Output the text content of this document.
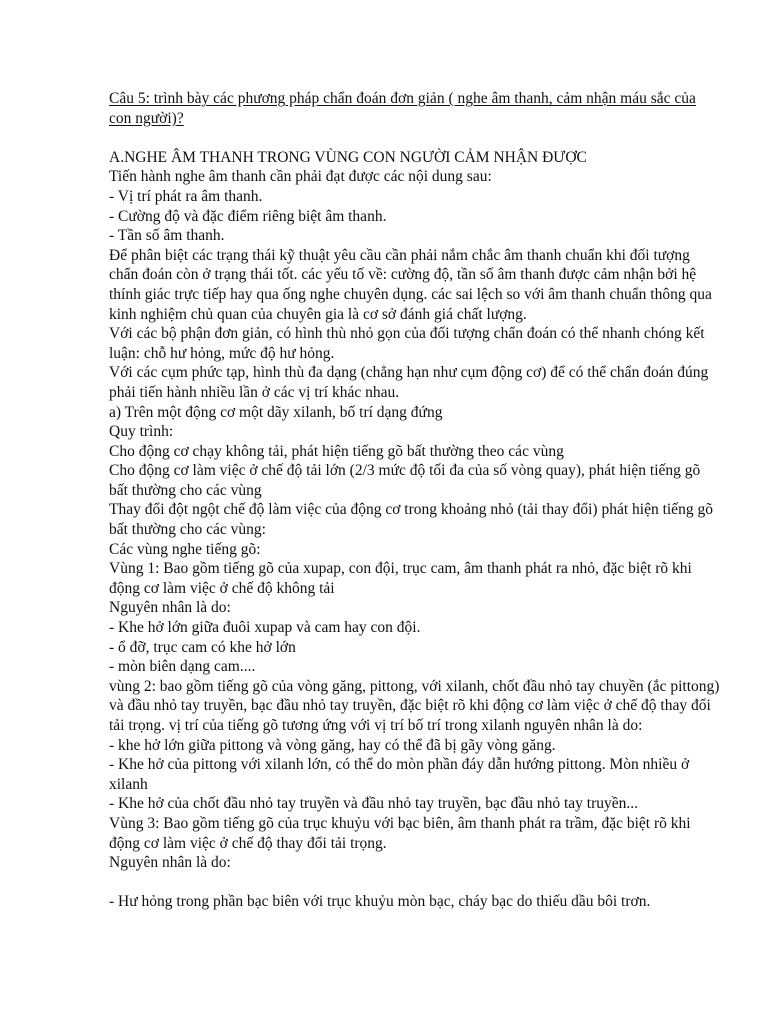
Câu 5: trình bày các phương pháp chẩn đoán đơn giản ( nghe âm thanh, cảm nhận máu sắc của con người)?

A.NGHE ÂM THANH TRONG VÙNG CON NGƯỜI CẢM NHẬN ĐƯỢC

Tiến hành nghe âm thanh cần phải đạt được các nội dung sau:

- Vị trí phát ra âm thanh.

- Cường độ và đặc điểm riêng biệt âm thanh.

- Tần số âm thanh.

Để phân biệt các trạng thái kỹ thuật yêu cầu cần phải nắm chắc âm thanh chuẩn khi đối tượng chẩn đoán còn ở trạng thái tốt. các yếu tố về: cường độ, tần số âm thanh được cảm nhận bởi hệ thính giác trực tiếp hay qua ống nghe chuyên dụng. các sai lệch so với âm thanh chuẩn thông qua kinh nghiệm chủ quan của chuyên gia là cơ sở đánh giá chất lượng.

Với các bộ phận đơn giản, có hình thù nhỏ gọn của đối tượng chẩn đoán có thể nhanh chóng kết luận: chỗ hư hỏng, mức độ hư hỏng.

Với các cụm phức tạp, hình thù đa dạng (chẳng hạn như cụm động cơ) để có thể chẩn đoán đúng phải tiến hành nhiều lần ở các vị trí khác nhau.

a) Trên một động cơ một dãy xilanh, bố trí dạng đứng

Quy trình:

Cho động cơ chạy không tải, phát hiện tiếng gõ bất thường theo các vùng

Cho động cơ làm việc ở chế độ tải lớn (2/3 mức độ tối đa của số vòng quay), phát hiện tiếng gõ bất thường cho các vùng

Thay đổi đột ngột chế độ làm việc của động cơ trong khoảng nhỏ (tải thay đổi) phát hiện tiếng gõ bất thường cho các vùng:

Các vùng nghe tiếng gõ:

Vùng 1: Bao gồm tiếng gõ của xupap, con đội, trục cam, âm thanh phát ra nhỏ, đặc biệt rõ khi động cơ làm việc ở chế độ không tải

Nguyên nhân là do:

- Khe hở lớn giữa đuôi xupap và cam hay con đội.

- ổ đỡ, trục cam có khe hở lớn

- mòn biên dạng cam....

vùng 2: bao gồm tiếng gõ của vòng găng, pittong, với xilanh, chốt đầu nhỏ tay chuyền (ắc pittong) và đầu nhỏ tay truyền, bạc đầu nhỏ tay truyền, đặc biệt rõ khi động cơ làm việc ở chế độ thay đổi tải trọng. vị trí của tiếng gõ tương ứng với vị trí bố trí trong xilanh nguyên nhân là do:

- khe hở lớn giữa pittong và vòng găng, hay có thể đã bị gãy vòng găng.

- Khe hở của pittong với xilanh lớn, có thể do mòn phần đáy dẫn hướng pittong. Mòn nhiều ở xilanh

- Khe hở của chốt đầu nhỏ tay truyền và đầu nhỏ tay truyền, bạc đầu nhỏ tay truyền...

Vùng 3: Bao gồm tiếng gõ của trục khuỷu với bạc biên, âm thanh phát ra trầm, đặc biệt rõ khi động cơ làm việc ở chế độ thay đổi tải trọng.

Nguyên nhân là do:

- Hư hỏng trong phần bạc biên với trục khuỷu mòn bạc, cháy bạc do thiếu dầu bôi trơn.
